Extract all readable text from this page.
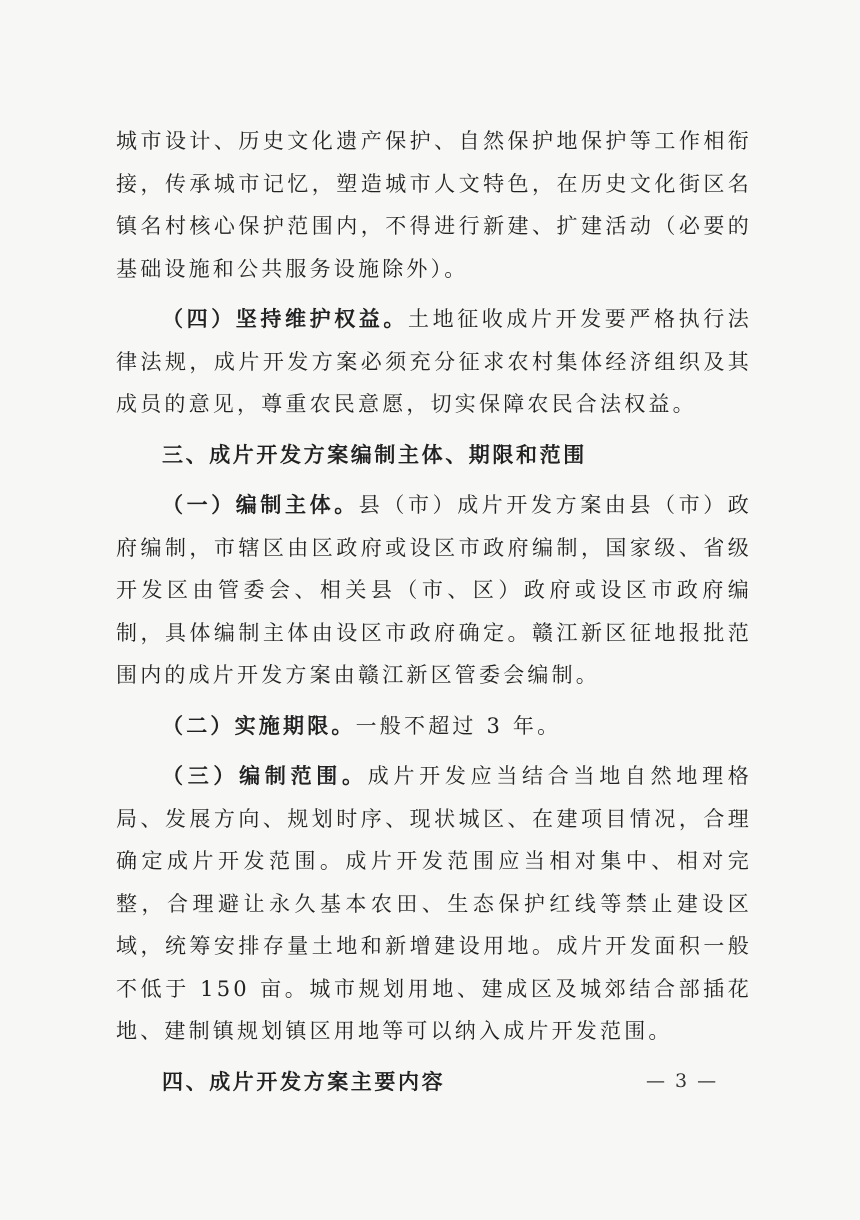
城市设计、历史文化遗产保护、自然保护地保护等工作相衔接，传承城市记忆，塑造城市人文特色，在历史文化街区名镇名村核心保护范围内，不得进行新建、扩建活动（必要的基础设施和公共服务设施除外）。

（四）坚持维护权益。土地征收成片开发要严格执行法律法规，成片开发方案必须充分征求农村集体经济组织及其成员的意见，尊重农民意愿，切实保障农民合法权益。

三、成片开发方案编制主体、期限和范围

（一）编制主体。县（市）成片开发方案由县（市）政府编制，市辖区由区政府或设区市政府编制，国家级、省级开发区由管委会、相关县（市、区）政府或设区市政府编制，具体编制主体由设区市政府确定。赣江新区征地报批范围内的成片开发方案由赣江新区管委会编制。

（二）实施期限。一般不超过 3 年。

（三）编制范围。成片开发应当结合当地自然地理格局、发展方向、规划时序、现状城区、在建项目情况，合理确定成片开发范围。成片开发范围应当相对集中、相对完整，合理避让永久基本农田、生态保护红线等禁止建设区域，统筹安排存量土地和新增建设用地。成片开发面积一般不低于 150 亩。城市规划用地、建成区及城郊结合部插花地、建制镇规划镇区用地等可以纳入成片开发范围。

四、成片开发方案主要内容	— 3 —
